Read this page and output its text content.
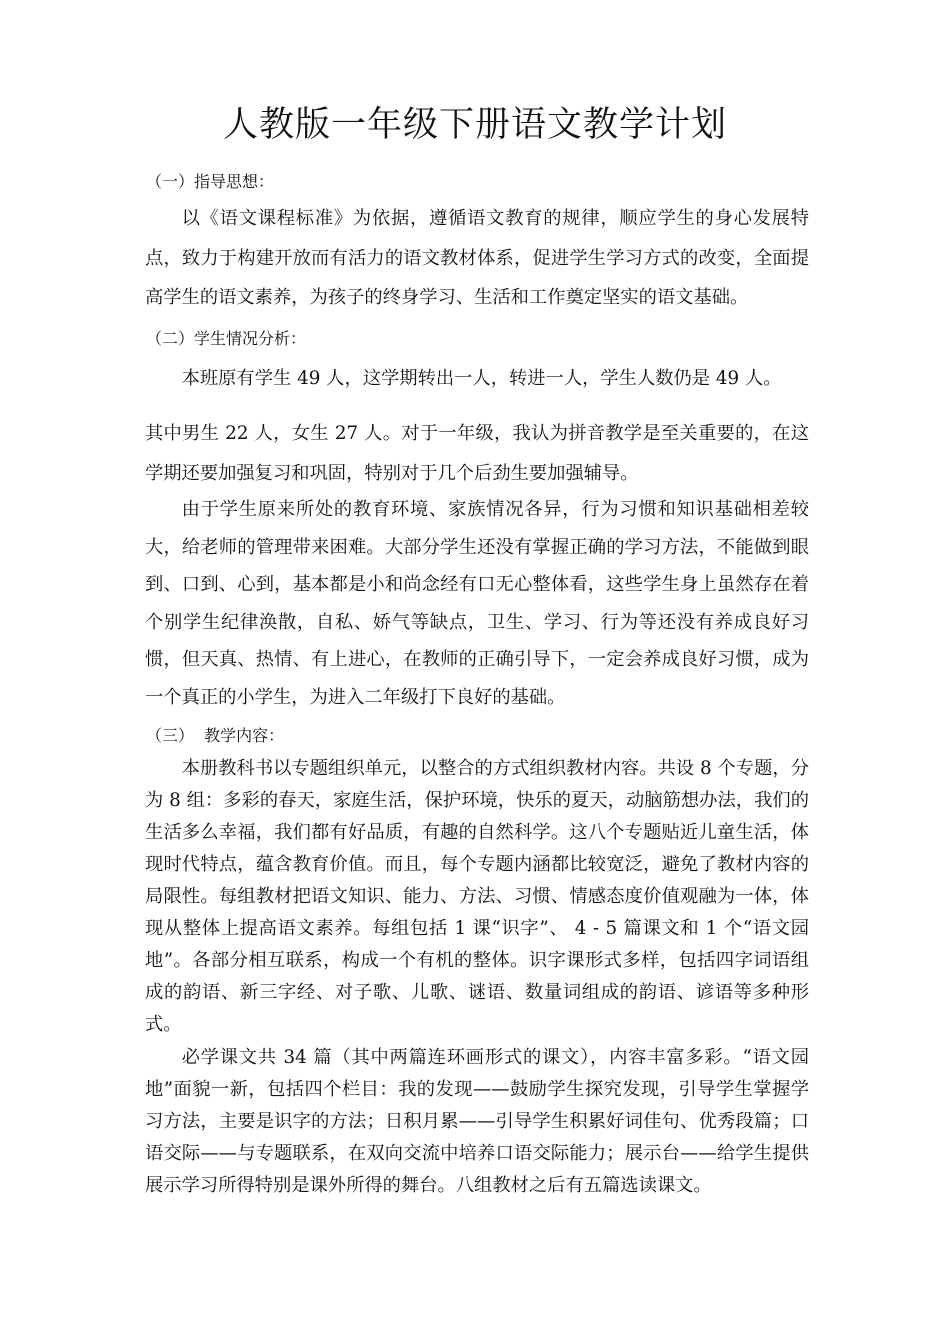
人教版一年级下册语文教学计划
（一）指导思想：
以《语文课程标准》为依据，遵循语文教育的规律，顺应学生的身心发展特点，致力于构建开放而有活力的语文教材体系，促进学生学习方式的改变，全面提高学生的语文素养，为孩子的终身学习、生活和工作奠定坚实的语文基础。
（二）学生情况分析：
本班原有学生 49 人，这学期转出一人，转进一人，学生人数仍是 49 人。
其中男生 22 人，女生 27 人。对于一年级，我认为拼音教学是至关重要的，在这学期还要加强复习和巩固，特别对于几个后劲生要加强辅导。
由于学生原来所处的教育环境、家族情况各异，行为习惯和知识基础相差较大，给老师的管理带来困难。大部分学生还没有掌握正确的学习方法，不能做到眼到、口到、心到，基本都是小和尚念经有口无心整体看，这些学生身上虽然存在着个别学生纪律涣散，自私、娇气等缺点，卫生、学习、行为等还没有养成良好习惯，但天真、热情、有上进心，在教师的正确引导下，一定会养成良好习惯，成为一个真正的小学生，为进入二年级打下良好的基础。
（三）  教学内容：
本册教科书以专题组织单元，以整合的方式组织教材内容。共设 8 个专题，分为 8 组：多彩的春天，家庭生活，保护环境，快乐的夏天，动脑筋想办法，我们的生活多么幸福，我们都有好品质，有趣的自然科学。这八个专题贴近儿童生活，体现时代特点，蕴含教育价值。而且，每个专题内涵都比较宽泛，避免了教材内容的局限性。每组教材把语文知识、能力、方法、习惯、情感态度价值观融为一体，体现从整体上提高语文素养。每组包括 1 课“识字”、 4 - 5 篇课文和 1 个“语文园地”。各部分相互联系，构成一个有机的整体。识字课形式多样，包括四字词语组成的韵语、新三字经、对子歌、儿歌、谜语、数量词组成的韵语、谚语等多种形式。
必学课文共 34 篇（其中两篇连环画形式的课文），内容丰富多彩。“语文园地”面貌一新，包括四个栏目：我的发现——鼓励学生探究发现，引导学生掌握学习方法，主要是识字的方法；日积月累——引导学生积累好词佳句、优秀段篇；口语交际——与专题联系，在双向交流中培养口语交际能力；展示台——给学生提供展示学习所得特别是课外所得的舞台。八组教材之后有五篇选读课文。
